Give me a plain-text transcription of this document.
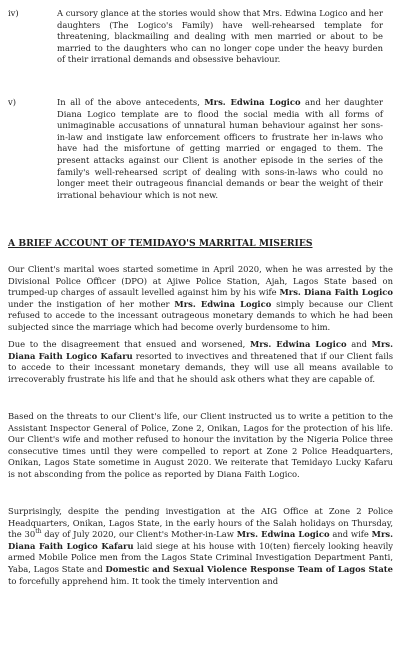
iv)	A cursory glance at the stories would show that Mrs. Edwina Logico and her daughters (The Logico's Family) have well-rehearsed template for threatening, blackmailing and dealing with men married or about to be married to the daughters who can no longer cope under the heavy burden of their irrational demands and obsessive behaviour.
v)	In all of the above antecedents, Mrs. Edwina Logico and her daughter Diana Logico template are to flood the social media with all forms of unimaginable accusations of unnatural human behaviour against her sons-in-law and instigate law enforcement officers to frustrate her in-laws who have had the misfortune of getting married or engaged to them. The present attacks against our Client is another episode in the series of the family's well-rehearsed script of dealing with sons-in-laws who could no longer meet their outrageous financial demands or bear the weight of their irrational behaviour which is not new.
A BRIEF ACCOUNT OF TEMIDAYO'S MARRITAL MISERIES
Our Client's marital woes started sometime in April 2020, when he was arrested by the Divisional Police Officer (DPO) at Ajiwe Police Station, Ajah, Lagos State based on trumped-up charges of assault levelled against him by his wife Mrs. Diana Faith Logico under the instigation of her mother Mrs. Edwina Logico simply because our Client refused to accede to the incessant outrageous monetary demands to which he had been subjected since the marriage which had become overly burdensome to him.
Due to the disagreement that ensued and worsened, Mrs. Edwina Logico and Mrs. Diana Faith Logico Kafaru resorted to invectives and threatened that if our Client fails to accede to their incessant monetary demands, they will use all means available to irrecoverably frustrate his life and that he should ask others what they are capable of.
Based on the threats to our Client's life, our Client instructed us to write a petition to the Assistant Inspector General of Police, Zone 2, Onikan, Lagos for the protection of his life. Our Client's wife and mother refused to honour the invitation by the Nigeria Police three consecutive times until they were compelled to report at Zone 2 Police Headquarters, Onikan, Lagos State sometime in August 2020. We reiterate that Temidayo Lucky Kafaru is not absconding from the police as reported by Diana Faith Logico.
Surprisingly, despite the pending investigation at the AIG Office at Zone 2 Police Headquarters, Onikan, Lagos State, in the early hours of the Salah holidays on Thursday, the 30th day of July 2020, our Client's Mother-in-Law Mrs. Edwina Logico and wife Mrs. Diana Faith Logico Kafaru laid siege at his house with 10(ten) fiercely looking heavily armed Mobile Police men from the Lagos State Criminal Investigation Department Panti, Yaba, Lagos State and Domestic and Sexual Violence Response Team of Lagos State to forcefully apprehend him. It took the timely intervention and
